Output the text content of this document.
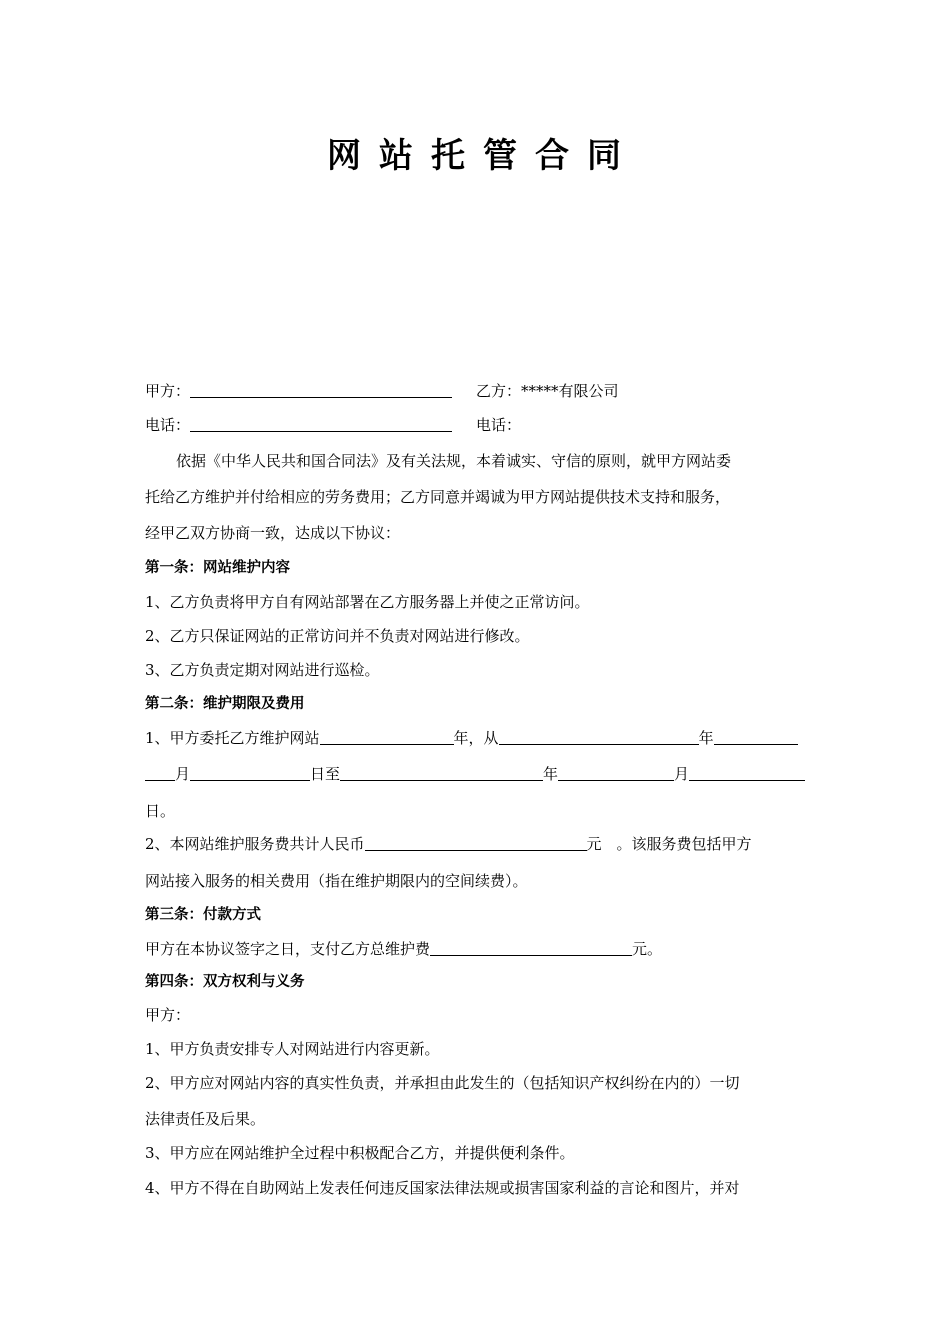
网 站 托 管 合 同
甲方：	乙方：*****有限公司
电话：	电话：
依据《中华人民共和国合同法》及有关法规，本着诚实、守信的原则，就甲方网站委
托给乙方维护并付给相应的劳务费用；乙方同意并竭诚为甲方网站提供技术支持和服务，
经甲乙双方协商一致，达成以下协议：
第一条：网站维护内容
1、乙方负责将甲方自有网站部署在乙方服务器上并使之正常访问。
2、乙方只保证网站的正常访问并不负责对网站进行修改。
3、乙方负责定期对网站进行巡检。
第二条：维护期限及费用
1、甲方委托乙方维护网站	年，从	年
月	日至	年	月
日。
2、本网站维护服务费共计人民币	元　。该服务费包括甲方
网站接入服务的相关费用（指在维护期限内的空间续费）。
第三条：付款方式
甲方在本协议签字之日，支付乙方总维护费	元。
第四条：双方权利与义务
甲方：
1、甲方负责安排专人对网站进行内容更新。
2、甲方应对网站内容的真实性负责，并承担由此发生的（包括知识产权纠纷在内的）一切
法律责任及后果。
3、甲方应在网站维护全过程中积极配合乙方，并提供便利条件。
4、甲方不得在自助网站上发表任何违反国家法律法规或损害国家利益的言论和图片，并对
